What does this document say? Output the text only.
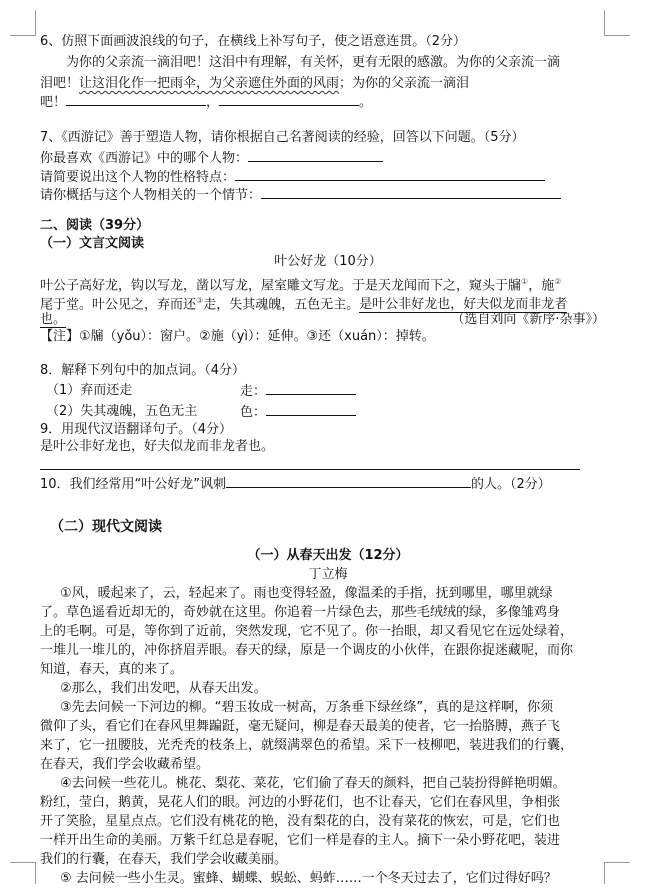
6、仿照下面画波浪线的句子，在横线上补写句子，使之语意连贯。（2分）
为你的父亲流一滴泪吧！这泪中有理解，有关怀，更有无限的感激。为你的父亲流一滴
泪吧！让这泪化作一把雨伞，为父亲遮住外面的风雨；为你的父亲流一滴泪
吧！	，	。
7、《西游记》善于塑造人物，请你根据自己名著阅读的经验，回答以下问题。（5分）
你最喜欢《西游记》中的哪个人物：
请简要说出这个人物的性格特点：
请你概括与这个人物相关的一个情节：
二、阅读（39分）
（一）文言文阅读
叶公好龙（10分）
叶公子高好龙，钩以写龙，凿以写龙，屋室雕文写龙。于是天龙闻而下之，窥头于牖①，施②
尾于堂。叶公见之，弃而还③走，失其魂魄，五色无主。是叶公非好龙也，好夫似龙而非龙者
也。	（选自刘向《新序·杂事》）
【注】①牖（yǒu）：窗户。②施（yì）：延伸。③还（xuán）：掉转。
8．解释下列句中的加点词。（4分）
（1）弃而还走	走：
（2）失其魂魄，五色无主	色：
9．用现代汉语翻译句子。（4分）
是叶公非好龙也，好夫似龙而非龙者也。
10．我们经常用“叶公好龙”讽刺	的人。（2分）
（二）现代文阅读
（一）从春天出发（12分）
丁立梅
①风，暖起来了，云，轻起来了。雨也变得轻盈，像温柔的手指，抚到哪里，哪里就绿
了。草色遥看近却无的，奇妙就在这里。你追着一片绿色去，那些毛绒绒的绿，多像雏鸡身
上的毛啊。可是，等你到了近前，突然发现，它不见了。你一抬眼，却又看见它在远处绿着，
一堆儿一堆儿的，冲你挤眉弄眼。春天的绿，原是一个调皮的小伙伴，在跟你捉迷藏呢，而你
知道，春天，真的来了。
②那么，我们出发吧，从春天出发。
③先去问候一下河边的柳。“碧玉妆成一树高，万条垂下绿丝绦”，真的是这样啊，你须
微仰了头，看它们在春风里舞蹁跹，毫无疑问，柳是春天最美的使者，它一抬胳膊，燕子飞
来了，它一扭腰肢，光秃秃的枝条上，就缀满翠色的希望。采下一枝柳吧，装进我们的行囊，
在春天，我们学会收藏希望。
④去问候一些花儿。桃花、梨花、菜花，它们偷了春天的颜料，把自己装扮得鲜艳明媚。
粉红，莹白，鹅黄，晃花人们的眼。河边的小野花们，也不让春天，它们在春风里，争相张
开了笑脸，星星点点。它们没有桃花的艳，没有梨花的白，没有菜花的恢宏，可是，它们也
一样开出生命的美丽。万紫千红总是春呢，它们一样是春的主人。摘下一朵小野花吧，装进
我们的行囊，在春天，我们学会收藏美丽。
⑤ 去问候一些小生灵。蜜蜂、蝴蝶、蜈蚣、蚂蚱……一个冬天过去了，它们过得好吗？
